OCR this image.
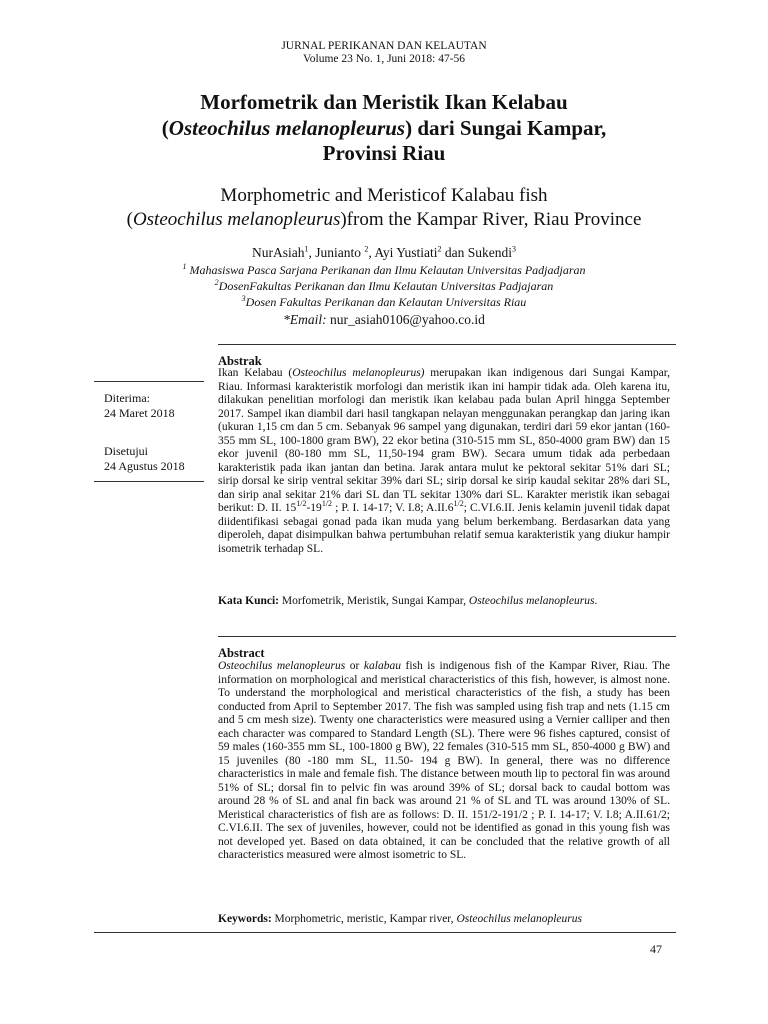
JURNAL PERIKANAN DAN KELAUTAN
Volume 23 No. 1, Juni 2018: 47-56
Morfometrik dan Meristik Ikan Kelabau
(Osteochilus melanopleurus) dari Sungai Kampar,
Provinsi Riau
Morphometric and Meristicof Kalabau fish
(Osteochilus melanopleurus)from the Kampar River, Riau Province
NurAsiah$^1$, Junianto $^2$, Ayi Yustiati$^2$ dan Sukendi$^3$
$^1$ Mahasiswa Pasca Sarjana Perikanan dan Ilmu Kelautan Universitas Padjadjaran
$^2$DosenFakultas Perikanan dan Ilmu Kelautan Universitas Padjajaran
$^3$Dosen Fakultas Perikanan dan Kelautan Universitas Riau
*Email: nur_asiah0106@yahoo.co.id
Diterima:
24 Maret 2018
Disetujui
24 Agustus 2018
Abstrak
Ikan Kelabau (Osteochilus melanopleurus) merupakan ikan indigenous dari Sungai Kampar, Riau. Informasi karakteristik morfologi dan meristik ikan ini hampir tidak ada. Oleh karena itu, dilakukan penelitian morfologi dan meristik ikan kelabau pada bulan April hingga September 2017. Sampel ikan diambil dari hasil tangkapan nelayan menggunakan perangkap dan jaring ikan (ukuran 1,15 cm dan 5 cm. Sebanyak 96 sampel yang digunakan, terdiri dari 59 ekor jantan (160-355 mm SL, 100-1800 gram BW), 22 ekor betina (310-515 mm SL, 850-4000 gram BW) dan 15 ekor juvenil (80-180 mm SL, 11,50-194 gram BW). Secara umum tidak ada perbedaan karakteristik pada ikan jantan dan betina. Jarak antara mulut ke pektoral sekitar 51% dari SL; sirip dorsal ke sirip ventral sekitar 39% dari SL; sirip dorsal ke sirip kaudal sekitar 28% dari SL, dan sirip anal sekitar 21% dari SL dan TL sekitar 130% dari SL. Karakter meristik ikan sebagai berikut: D. II. $15^{1/2}-19^{1/2}$ ; P. I. 14-17; V. I.8; $A.II.6^{1/2}$; C.VI.6.II. Jenis kelamin juvenil tidak dapat diidentifikasi sebagai gonad pada ikan muda yang belum berkembang. Berdasarkan data yang diperoleh, dapat disimpulkan bahwa pertumbuhan relatif semua karakteristik yang diukur hampir isometrik terhadap SL.
Kata Kunci: Morfometrik, Meristik, Sungai Kampar, Osteochilus melanopleurus.
Abstract
Osteochilus melanopleurus or kalabau fish is indigenous fish of the Kampar River, Riau. The information on morphological and meristical characteristics of this fish, however, is almost none. To understand the morphological and meristical characteristics of the fish, a study has been conducted from April to September 2017. The fish was sampled using fish trap and nets (1.15 cm and 5 cm mesh size). Twenty one characteristics were measured using a Vernier calliper and then each character was compared to Standard Length (SL). There were 96 fishes captured, consist of 59 males (160-355 mm SL, 100-1800 g BW), 22 females (310-515 mm SL, 850-4000 g BW) and 15 juveniles (80 -180 mm SL, 11.50- 194 g BW). In general, there was no difference characteristics in male and female fish. The distance between mouth lip to pectoral fin was around 51% of SL; dorsal fin to pelvic fin was around 39% of SL; dorsal back to caudal bottom was around 28 % of SL and anal fin back was around 21 % of SL and TL was around 130% of SL. Meristical characteristics of fish are as follows: D. II. 151/2-191/2 ; P. I. 14-17; V. I.8; A.II.61/2; C.VI.6.II. The sex of juveniles, however, could not be identified as gonad in this young fish was not developed yet. Based on data obtained, it can be concluded that the relative growth of all characteristics measured were almost isometric to SL.
Keywords: Morphometric, meristic, Kampar river, Osteochilus melanopleurus
47
